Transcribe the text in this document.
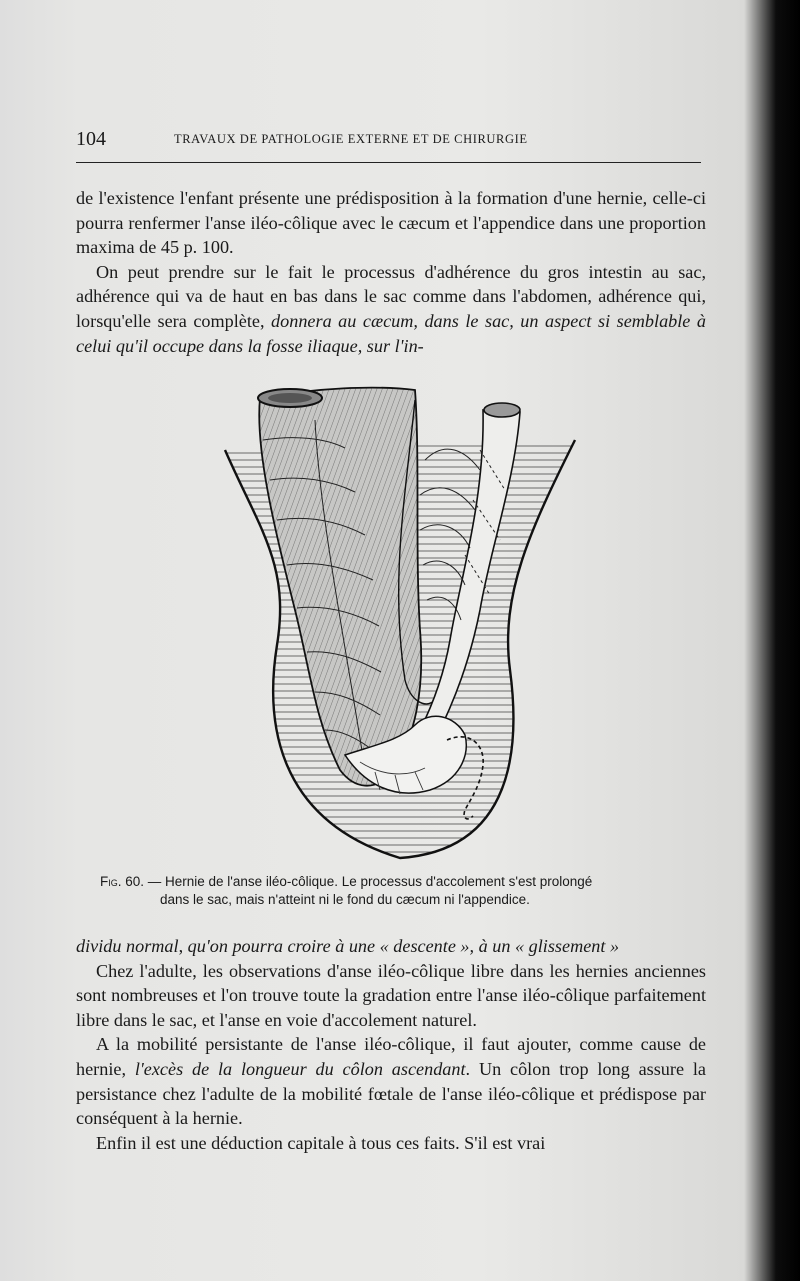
104	TRAVAUX DE PATHOLOGIE EXTERNE ET DE CHIRURGIE

de l'existence l'enfant présente une prédisposition à la formation d'une hernie, celle-ci pourra renfermer l'anse iléo-côlique avec le cæcum et l'appendice dans une proportion maxima de 45 p. 100.

On peut prendre sur le fait le processus d'adhérence du gros intestin au sac, adhérence qui va de haut en bas dans le sac comme dans l'abdomen, adhérence qui, lorsqu'elle sera complète, donnera au cæcum, dans le sac, un aspect si semblable à celui qu'il occupe dans la fosse iliaque, sur l'in-

Fig. 60. — Hernie de l'anse iléo-côlique. Le processus d'accolement s'est prolongé
dans le sac, mais n'atteint ni le fond du cæcum ni l'appendice.

dividu normal, qu'on pourra croire à une « descente », à un « glissement »

Chez l'adulte, les observations d'anse iléo-côlique libre dans les hernies anciennes sont nombreuses et l'on trouve toute la gradation entre l'anse iléo-côlique parfaitement libre dans le sac, et l'anse en voie d'accolement naturel.

A la mobilité persistante de l'anse iléo-côlique, il faut ajouter, comme cause de hernie, l'excès de la longueur du côlon ascendant. Un côlon trop long assure la persistance chez l'adulte de la mobilité fœtale de l'anse iléo-côlique et prédispose par conséquent à la hernie.

Enfin il est une déduction capitale à tous ces faits. S'il est vrai
